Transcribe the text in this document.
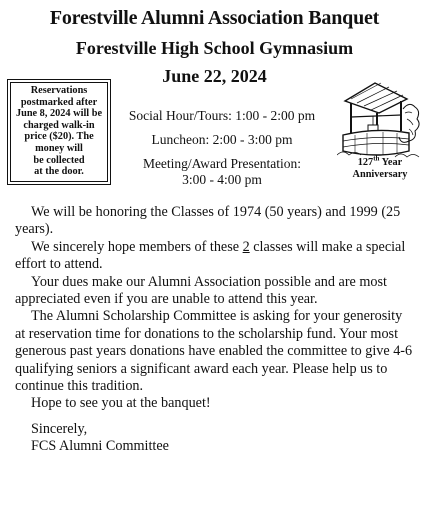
Forestville Alumni Association Banquet
Forestville High School Gymnasium
June 22, 2024
Reservations
postmarked after
June 8, 2024 will be
charged walk-in
price ($20). The
money will
be collected
at the door.
Social Hour/Tours: 1:00 - 2:00 pm
Luncheon: 2:00 - 3:00 pm
Meeting/Award Presentation:
3:00 - 4:00 pm
127th Year
Anniversary

We will be honoring the Classes of 1974 (50 years) and 1999 (25 years).

We sincerely hope members of these 2 classes will make a special effort to attend.

Your dues make our Alumni Association possible and are most appreciated even if you are unable to attend this year.

The Alumni Scholarship Committee is asking for your generosity at reservation time for donations to the scholarship fund. Your most generous past years donations have enabled the committee to give 4-6 qualifying seniors a significant award each year. Please help us to continue this tradition.

Hope to see you at the banquet!

Sincerely,

FCS Alumni Committee
